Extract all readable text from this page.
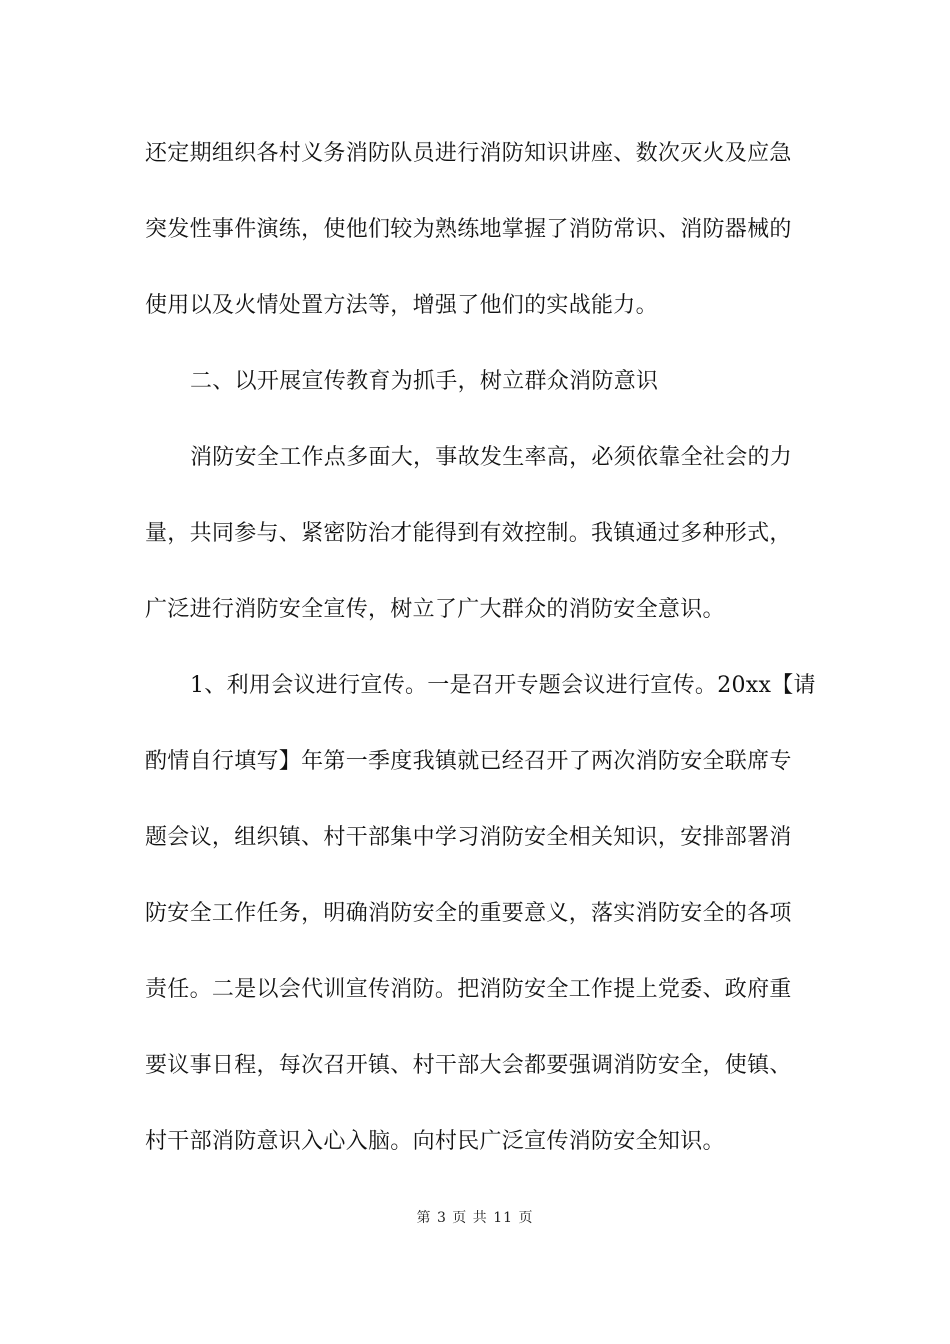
还定期组织各村义务消防队员进行消防知识讲座、数次灭火及应急
突发性事件演练，使他们较为熟练地掌握了消防常识、消防器械的
使用以及火情处置方法等，增强了他们的实战能力。
二、以开展宣传教育为抓手，树立群众消防意识
消防安全工作点多面大，事故发生率高，必须依靠全社会的力
量，共同参与、紧密防治才能得到有效控制。我镇通过多种形式，
广泛进行消防安全宣传，树立了广大群众的消防安全意识。
1、利用会议进行宣传。一是召开专题会议进行宣传。20xx【请
酌情自行填写】年第一季度我镇就已经召开了两次消防安全联席专
题会议，组织镇、村干部集中学习消防安全相关知识，安排部署消
防安全工作任务，明确消防安全的重要意义，落实消防安全的各项
责任。二是以会代训宣传消防。把消防安全工作提上党委、政府重
要议事日程，每次召开镇、村干部大会都要强调消防安全，使镇、
村干部消防意识入心入脑。向村民广泛宣传消防安全知识。
第 3 页 共 11 页
